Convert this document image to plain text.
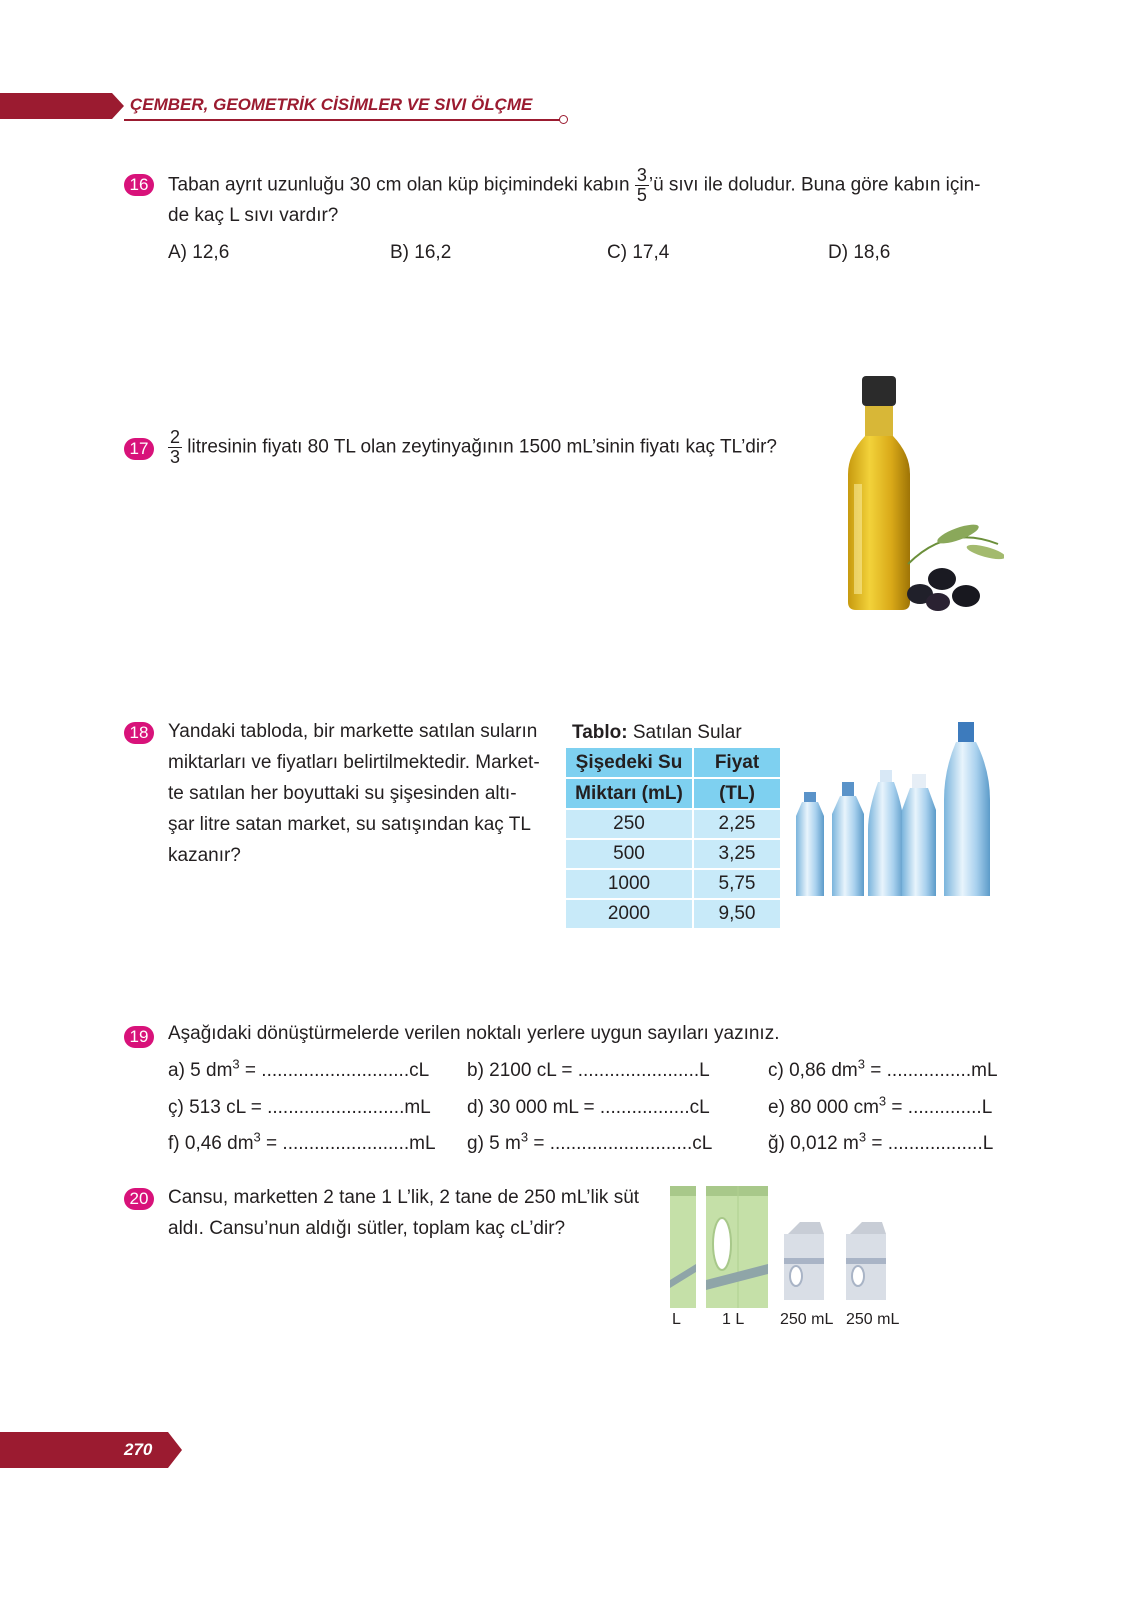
ÇEMBER, GEOMETRİK CİSİMLER VE SIVI ÖLÇME
16 Taban ayrıt uzunluğu 30 cm olan küp biçimindeki kabın $\frac{3}{5}$ ’ü sıvı ile doludur. Buna göre kabın için-
de kaç L sıvı vardır?
A) 12,6	B) 16,2	C) 17,4	D) 18,6
17	$\frac{2}{3}$ litresinin fiyatı 80 TL olan zeytinyağının 1500 mL’sinin fiyatı kaç TL’dir?
18 Yandaki tabloda, bir markette satılan suların
miktarları ve fiyatları belirtilmektedir. Market-
te satılan her boyuttaki su şişesinden altı-
şar litre satan market, su satışından kaç TL
kazanır?
Tablo: Satılan Sular
Şişedeki Su	Fiyat
Miktarı (mL)	(TL)
250	2,25
500	3,25
1000	5,75
2000	9,50
19 Aşağıdaki dönüştürmelerde verilen noktalı yerlere uygun sayıları yazınız.
a) 5 $dm^3 = ............................cL$ b) 2100 cL = .......................L	c) 0,86 $dm^3 = ................mL$
ç) 513 cL = ..........................mL d) 30 000 mL = .................cL	e) 80 000 $cm^3 = ..............L$
f) 0,46 $dm^3 = ........................mL$ g) 5 $m^3 = ...........................cL$	ğ) 0,012 $m^3 = ..................L$
20 Cansu, marketten 2 tane 1 L’lik, 2 tane de 250 mL’lik süt
aldı. Cansu’nun aldığı sütler, toplam kaç cL’dir?
L	1 L 250 mL 250 mL
270
